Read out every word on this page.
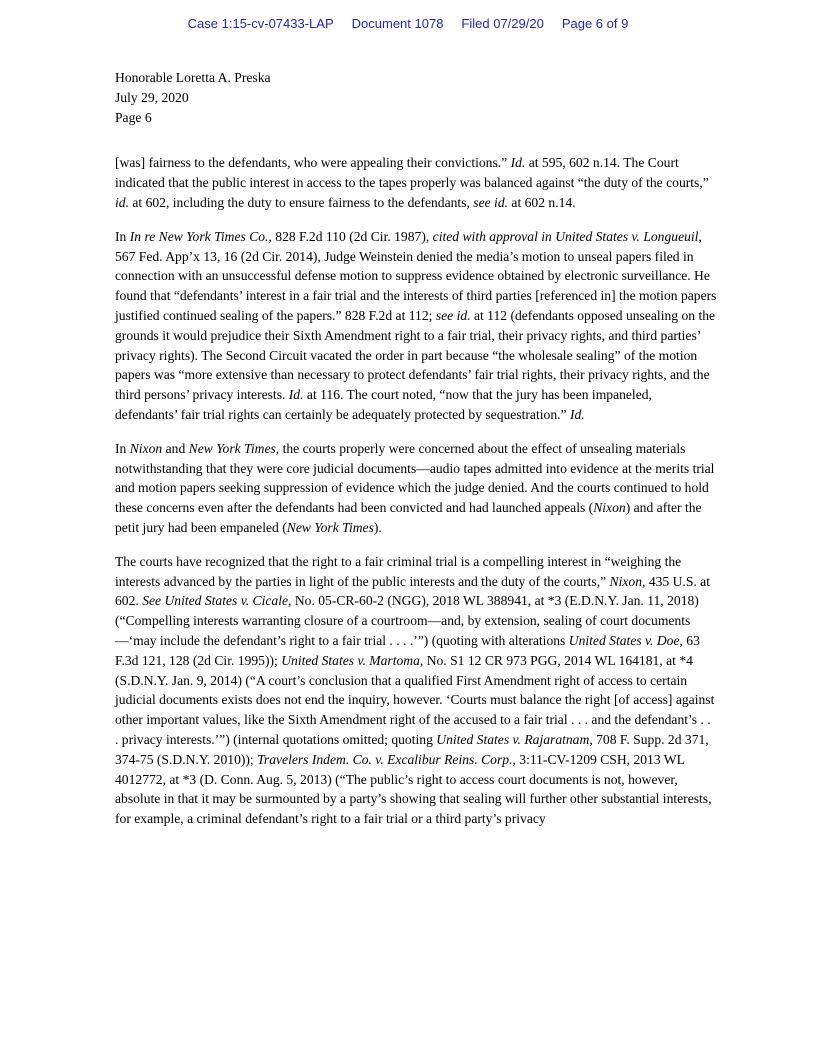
Case 1:15-cv-07433-LAP Document 1078 Filed 07/29/20 Page 6 of 9
Honorable Loretta A. Preska
July 29, 2020
Page 6

[was] fairness to the defendants, who were appealing their convictions.” Id. at 595, 602 n.14. The Court indicated that the public interest in access to the tapes properly was balanced against “the duty of the courts,” id. at 602, including the duty to ensure fairness to the defendants, see id. at 602 n.14.

In In re New York Times Co., 828 F.2d 110 (2d Cir. 1987), cited with approval in United States v. Longueuil, 567 Fed. App’x 13, 16 (2d Cir. 2014), Judge Weinstein denied the media’s motion to unseal papers filed in connection with an unsuccessful defense motion to suppress evidence obtained by electronic surveillance. He found that “defendants’ interest in a fair trial and the interests of third parties [referenced in] the motion papers justified continued sealing of the papers.” 828 F.2d at 112; see id. at 112 (defendants opposed unsealing on the grounds it would prejudice their Sixth Amendment right to a fair trial, their privacy rights, and third parties’ privacy rights). The Second Circuit vacated the order in part because “the wholesale sealing” of the motion papers was “more extensive than necessary to protect defendants’ fair trial rights, their privacy rights, and the third persons’ privacy interests. Id. at 116. The court noted, “now that the jury has been impaneled, defendants’ fair trial rights can certainly be adequately protected by sequestration.” Id.

In Nixon and New York Times, the courts properly were concerned about the effect of unsealing materials notwithstanding that they were core judicial documents—audio tapes admitted into evidence at the merits trial and motion papers seeking suppression of evidence which the judge denied. And the courts continued to hold these concerns even after the defendants had been convicted and had launched appeals (Nixon) and after the petit jury had been empaneled (New York Times).

The courts have recognized that the right to a fair criminal trial is a compelling interest in “weighing the interests advanced by the parties in light of the public interests and the duty of the courts,” Nixon, 435 U.S. at 602. See United States v. Cicale, No. 05-CR-60-2 (NGG), 2018 WL 388941, at *3 (E.D.N.Y. Jan. 11, 2018) (“Compelling interests warranting closure of a courtroom—and, by extension, sealing of court documents—‘may include the defendant’s right to a fair trial . . . .’”) (quoting with alterations United States v. Doe, 63 F.3d 121, 128 (2d Cir. 1995)); United States v. Martoma, No. S1 12 CR 973 PGG, 2014 WL 164181, at *4 (S.D.N.Y. Jan. 9, 2014) (“A court’s conclusion that a qualified First Amendment right of access to certain judicial documents exists does not end the inquiry, however. ‘Courts must balance the right [of access] against other important values, like the Sixth Amendment right of the accused to a fair trial . . . and the defendant’s . . . privacy interests.’”) (internal quotations omitted; quoting United States v. Rajaratnam, 708 F. Supp. 2d 371, 374-75 (S.D.N.Y. 2010)); Travelers Indem. Co. v. Excalibur Reins. Corp., 3:11-CV-1209 CSH, 2013 WL 4012772, at *3 (D. Conn. Aug. 5, 2013) (“The public’s right to access court documents is not, however, absolute in that it may be surmounted by a party’s showing that sealing will further other substantial interests, for example, a criminal defendant’s right to a fair trial or a third party’s privacy
